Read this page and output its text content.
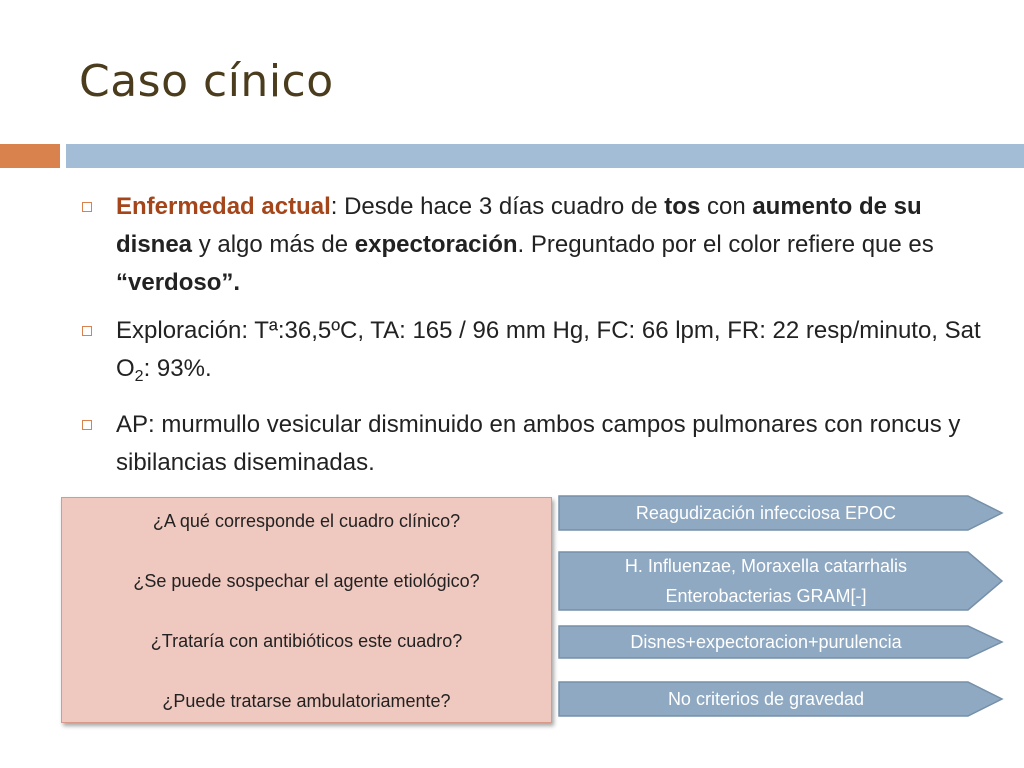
Caso cínico
Enfermedad actual: Desde hace 3 días cuadro de tos con aumento de su disnea y algo más de expectoración. Preguntado por el color refiere que es “verdoso”.
Exploración: Tª:36,5ºC, TA: 165 / 96 mm Hg, FC: 66 lpm, FR: 22 resp/minuto, Sat $O_2$: 93%.
AP: murmullo vesicular disminuido en ambos campos pulmonares con roncus y sibilancias diseminadas.
¿A qué corresponde el cuadro clínico?
¿Se puede sospechar el agente etiológico?
¿Trataría con antibióticos este cuadro?
¿Puede tratarse ambulatoriamente?
Reagudización infecciosa EPOC
H. Influenzae, Moraxella catarrhalis
Enterobacterias GRAM[-]
Disnes+expectoracion+purulencia
No criterios de gravedad
